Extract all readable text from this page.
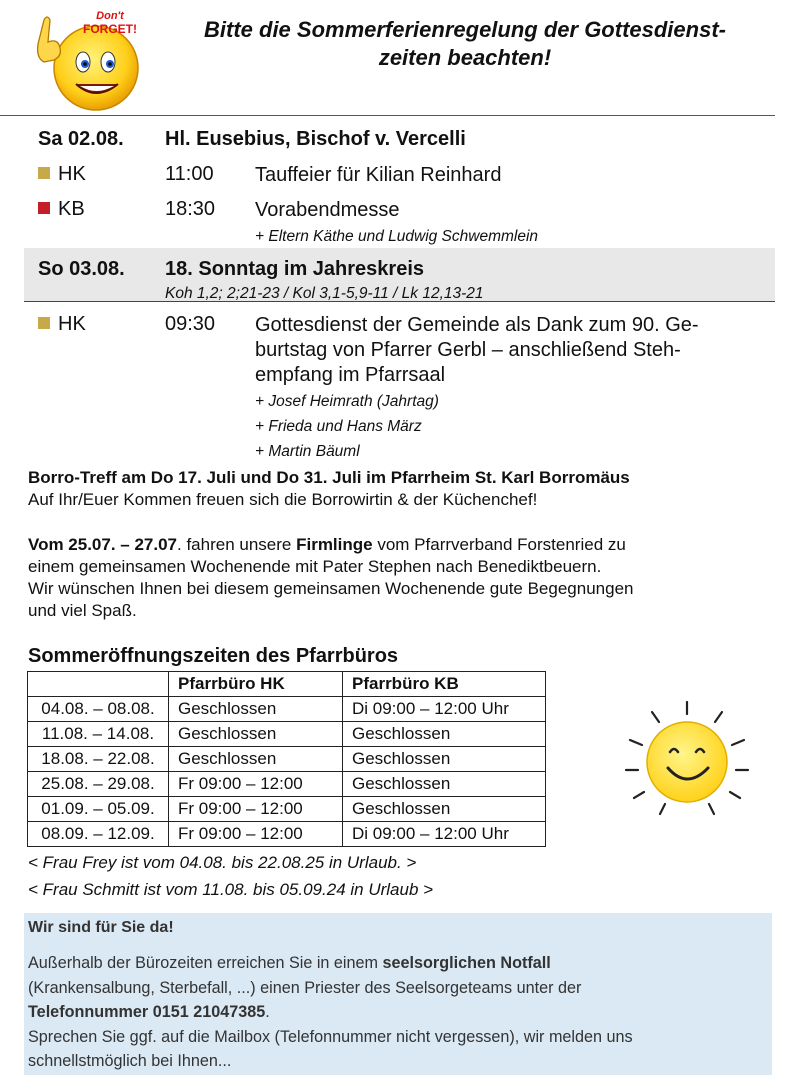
Don't
FORGET!	Bitte die Sommerferienregelung der Gottesdienst-
zeiten beachten!
Sa 02.08. Hl. Eusebius, Bischof v. Vercelli
HK	11:00 Tauffeier für Kilian Reinhard
KB	18:30 Vorabendmesse
+ Eltern Käthe und Ludwig Schwemmlein
So 03.08. 18. Sonntag im Jahreskreis
Koh 1,2; 2;21-23 / Kol 3,1-5,9-11 / Lk 12,13-21
HK	09:30 Gottesdienst der Gemeinde als Dank zum 90. Ge-
burtstag von Pfarrer Gerbl – anschließend Steh-
empfang im Pfarrsaal
+ Josef Heimrath (Jahrtag)
+ Frieda und Hans März
+ Martin Bäuml
Borro-Treff am Do 17. Juli und Do 31. Juli im Pfarrheim St. Karl Borromäus
Auf Ihr/Euer Kommen freuen sich die Borrowirtin & der Küchenchef!
Vom 25.07. – 27.07. fahren unsere Firmlinge vom Pfarrverband Forstenried zu
einem gemeinsamen Wochenende mit Pater Stephen nach Benediktbeuern.
Wir wünschen Ihnen bei diesem gemeinsamen Wochenende gute Begegnungen
und viel Spaß.
Sommeröffnungszeiten des Pfarrbüros
	Pfarrbüro HK	Pfarrbüro KB
04.08. – 08.08.	Geschlossen	Di 09:00 – 12:00 Uhr
11.08. – 14.08.	Geschlossen	Geschlossen
18.08. – 22.08.	Geschlossen	Geschlossen
25.08. – 29.08.	Fr 09:00 – 12:00	Geschlossen
01.09. – 05.09.	Fr 09:00 – 12:00	Geschlossen
08.09. – 12.09.	Fr 09:00 – 12:00	Di 09:00 – 12:00 Uhr
< Frau Frey ist vom 04.08. bis 22.08.25 in Urlaub. >
< Frau Schmitt ist vom 11.08. bis 05.09.24 in Urlaub >
Wir sind für Sie da!
Außerhalb der Bürozeiten erreichen Sie in einem seelsorglichen Notfall
(Krankensalbung, Sterbefall, ...) einen Priester des Seelsorgeteams unter der
Telefonnummer 0151 21047385.
Sprechen Sie ggf. auf die Mailbox (Telefonnummer nicht vergessen), wir melden uns
schnellstmöglich bei Ihnen...
